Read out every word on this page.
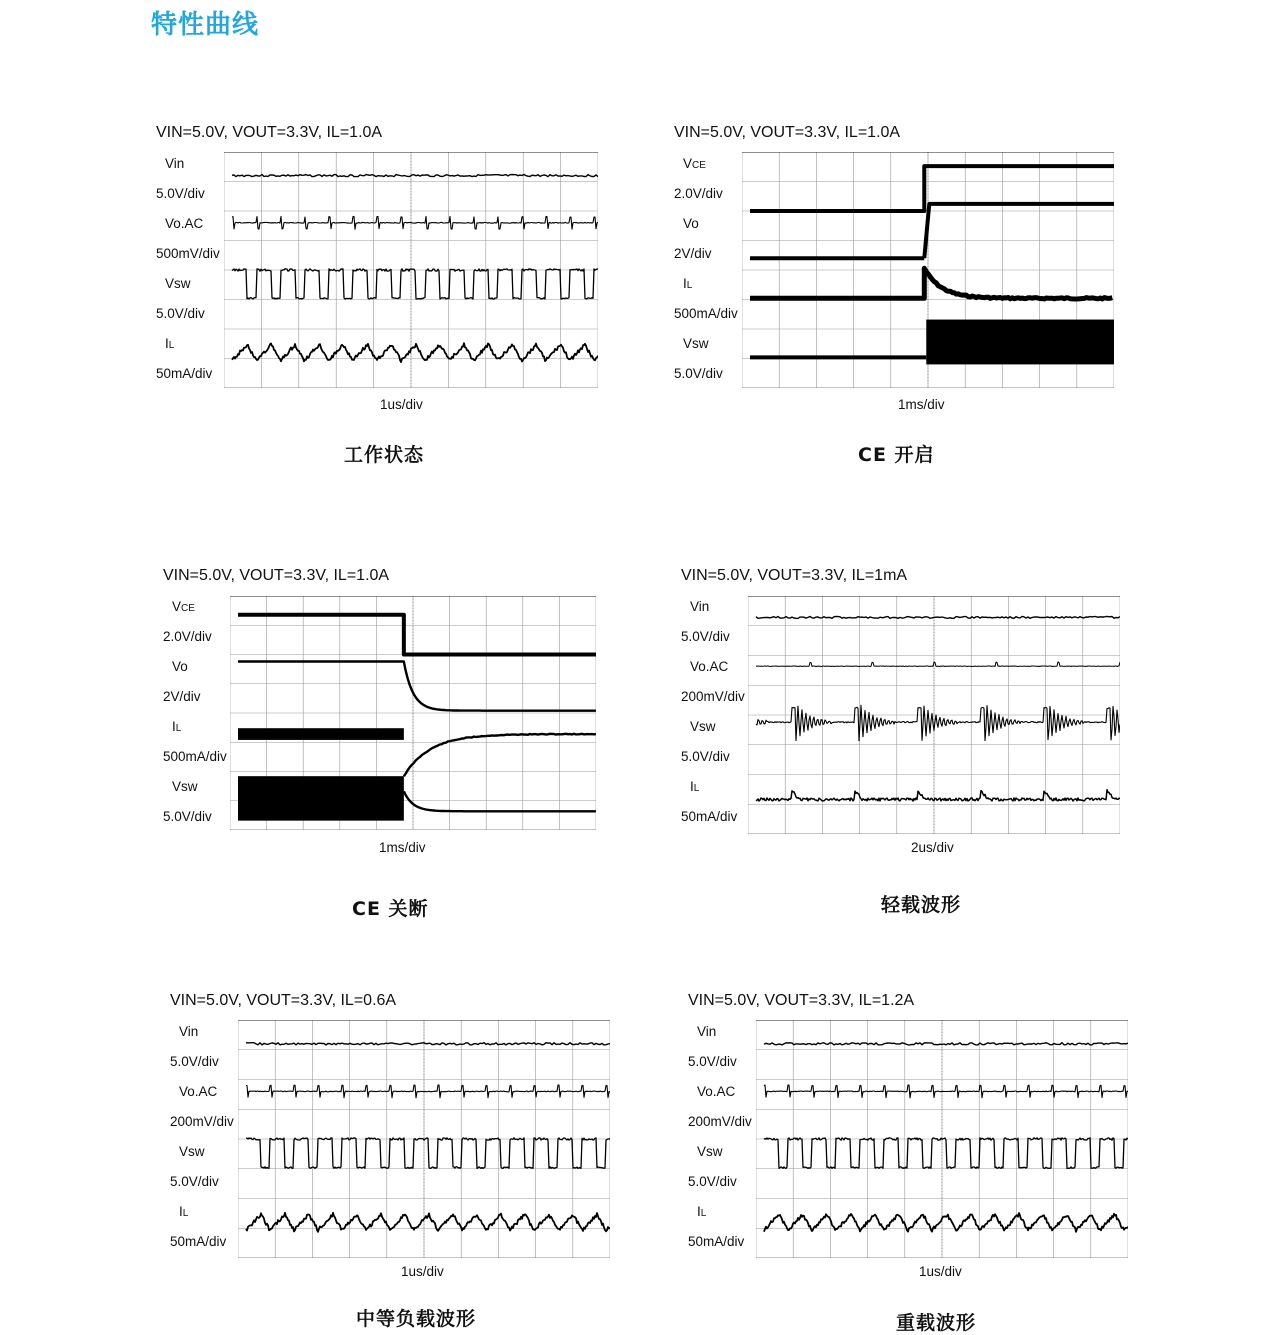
特性曲线
VIN=5.0V, VOUT=3.3V, IL=1.0A
Vin
5.0V/div
Vo.AC
500mV/div
Vsw
5.0V/div
IL
50mA/div
1us/div
工作状态
VIN=5.0V, VOUT=3.3V, IL=1.0A
VCE
2.0V/div
Vo
2V/div
IL
500mA/div
Vsw
5.0V/div
1ms/div
CE 开启
VIN=5.0V, VOUT=3.3V, IL=1.0A
VCE
2.0V/div
Vo
2V/div
IL
500mA/div
Vsw
5.0V/div
1ms/div
CE 关断
VIN=5.0V, VOUT=3.3V, IL=1mA
Vin
5.0V/div
Vo.AC
200mV/div
Vsw
5.0V/div
IL
50mA/div
2us/div
轻载波形
VIN=5.0V, VOUT=3.3V, IL=0.6A
Vin
5.0V/div
Vo.AC
200mV/div
Vsw
5.0V/div
IL
50mA/div
1us/div
中等负载波形
VIN=5.0V, VOUT=3.3V, IL=1.2A
Vin
5.0V/div
Vo.AC
200mV/div
Vsw
5.0V/div
IL
50mA/div
1us/div
重载波形
